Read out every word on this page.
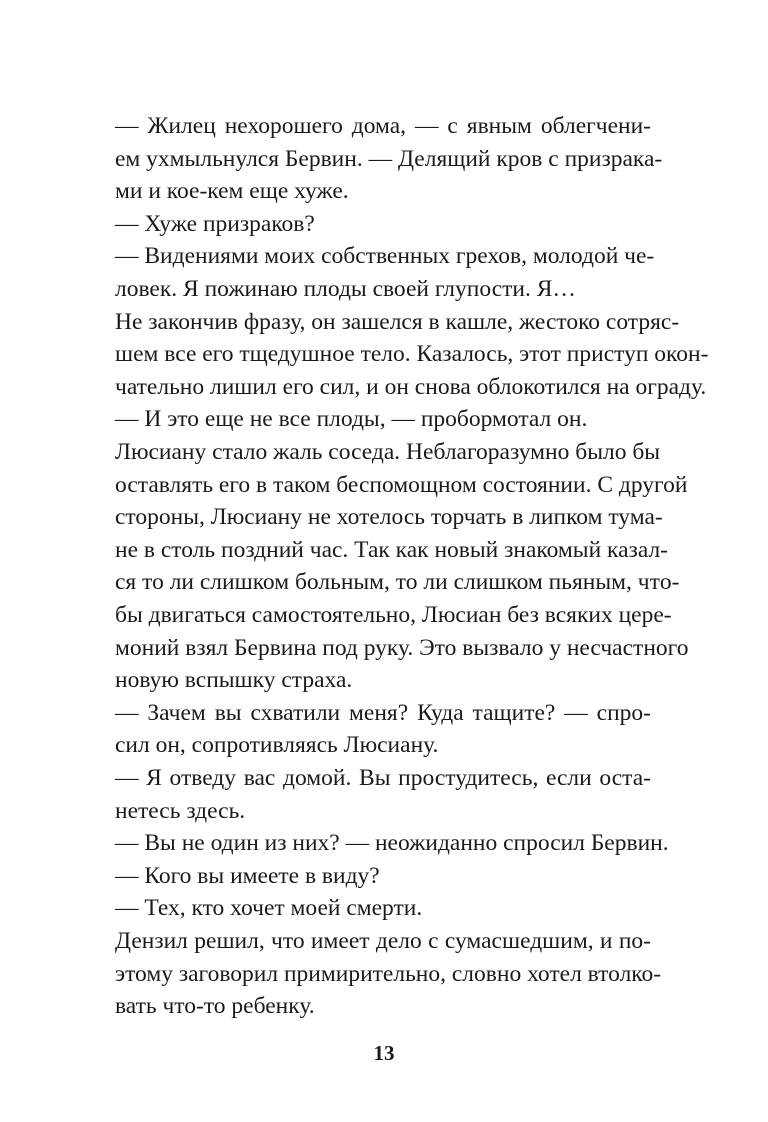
— Жилец нехорошего дома, — с явным облегчени-
ем ухмыльнулся Бервин. — Делящий кров с призрака-
ми и кое-кем еще хуже.
— Хуже призраков?
— Видениями моих собственных грехов, молодой че-
ловек. Я пожинаю плоды своей глупости. Я…
Не закончив фразу, он зашелся в кашле, жестоко сотряс-
шем все его тщедушное тело. Казалось, этот приступ окон-
чательно лишил его сил, и он снова облокотился на ограду.
— И это еще не все плоды, — пробормотал он.
Люсиану стало жаль соседа. Неблагоразумно было бы
оставлять его в таком беспомощном состоянии. С другой
стороны, Люсиану не хотелось торчать в липком тума-
не в столь поздний час. Так как новый знакомый казал-
ся то ли слишком больным, то ли слишком пьяным, чтo-
бы двигаться самостоятельно, Люсиан без всяких цере-
моний взял Бервина под руку. Это вызвало у несчастного
новую вспышку страха.
— Зачем вы схватили меня? Куда тащите? — спро-
сил он, сопротивляясь Люсиану.
— Я отведу вас домой. Вы простудитесь, если оста-
нетесь здесь.
— Вы не один из них? — неожиданно спросил Бервин.
— Кого вы имеете в виду?
— Тех, кто хочет моей смерти.
Дензил решил, что имеет дело с сумасшедшим, и по-
этому заговорил примирительно, словно хотел втолко-
вать что-то ребенку.
13
